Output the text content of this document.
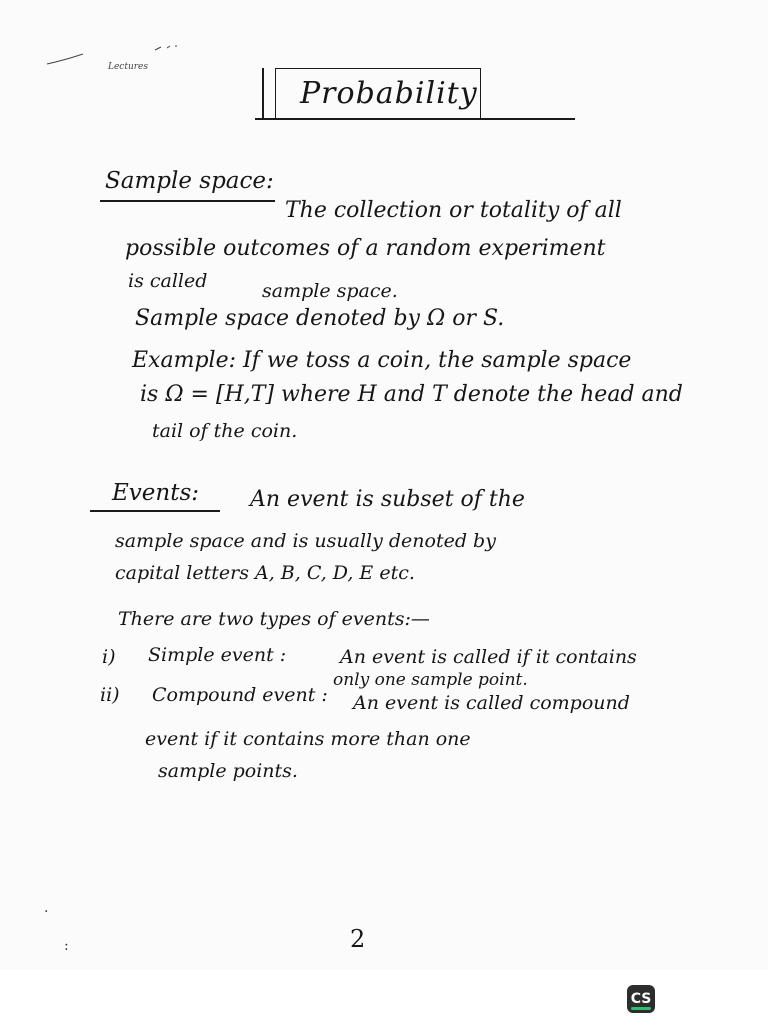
Lectures
Probability
Sample space:
The collection or totality of all
possible outcomes of a random experiment
is called	sample space.
Sample space denoted by Ω or S.
Example: If we toss a coin, the sample space
is Ω = [H,T] where H and T denote the head and
tail of the coin.
Events: An event is subset of the
sample space and is usually denoted by
capital letters A, B, C, D, E etc.
There are two types of events:—
i) Simple event :	An event is called if it contains
only one sample point.
ii) Compound event : An event is called compound
event if it contains more than one
sample points.
·
:	2
CS
